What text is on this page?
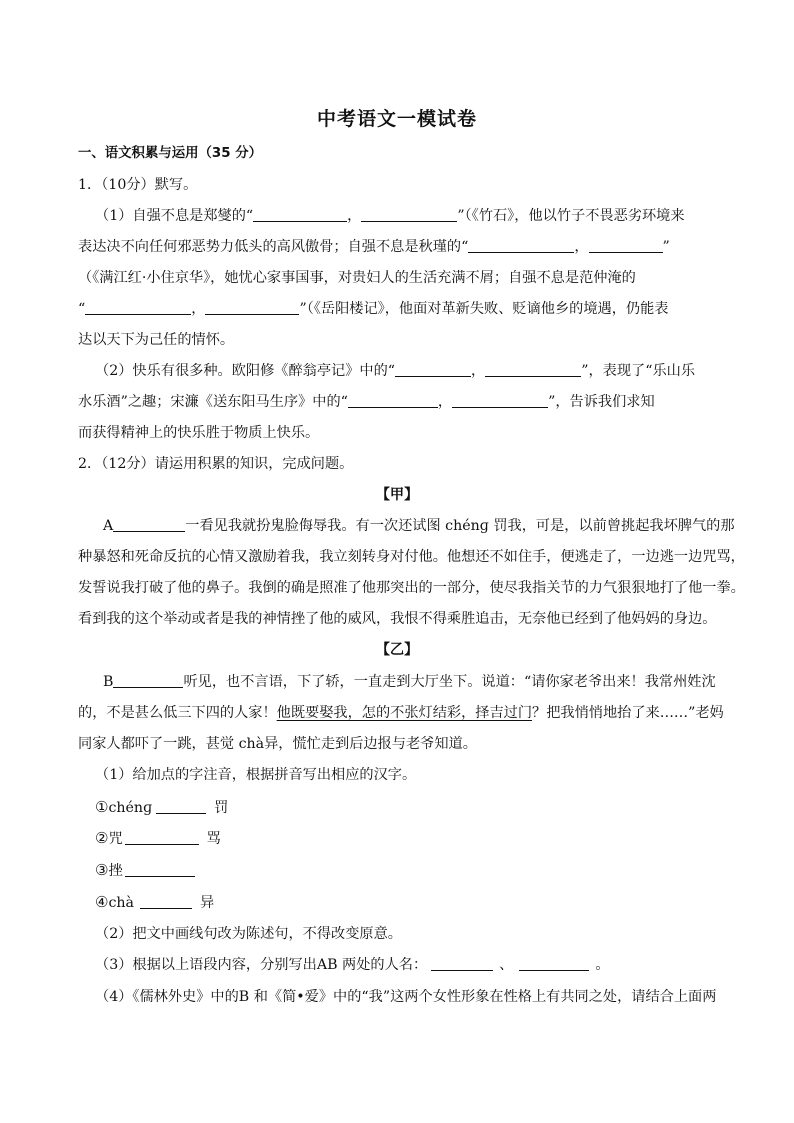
中考语文一模试卷
一、语文积累与运用（35 分）
1．（10分）默写。
（1）自强不息是郑燮的“	，	”（《竹石》，他以竹子不畏恶劣环境来
表达决不向任何邪恶势力低头的高风傲骨；自强不息是秋瑾的“	，	”
（《满江红·小住京华》，她忧心家事国事，对贵妇人的生活充满不屑；自强不息是范仲淹的
“	，	”（《岳阳楼记》，他面对革新失败、贬谪他乡的境遇，仍能表
达以天下为己任的情怀。
（2）快乐有很多种。欧阳修《醉翁亭记》中的“	，	”，表现了“乐山乐
水乐酒”之趣；宋濂《送东阳马生序》中的“	，	”，告诉我们求知
而获得精神上的快乐胜于物质上快乐。
2．（12分）请运用积累的知识，完成问题。
【甲】
A	一看见我就扮鬼脸侮辱我。有一次还试图 chénɡ 罚我，可是，以前曾挑起我坏脾气的那
种暴怒和死命反抗的心情又激励着我，我立刻转身对付他。他想还不如住手，便逃走了，一边逃一边咒骂，
发誓说我打破了他的鼻子。我倒的确是照准了他那突出的一部分，使尽我指关节的力气狠狠地打了他一拳。
看到我的这个举动或者是我的神情挫了他的威风，我恨不得乘胜追击，无奈他已经到了他妈妈的身边。
【乙】
B	听见，也不言语，下了轿，一直走到大厅坐下。说道：“请你家老爷出来！我常州姓沈
的，不是甚么低三下四的人家！他既要娶我，怎的不张灯结彩，择吉过门？把我悄悄地抬了来……”老妈
同家人都吓了一跳，甚觉 chà异，慌忙走到后边报与老爷知道。
（1）给加点的字注音，根据拼音写出相应的汉字。
①chénɡ	罚
②咒	骂
③挫
④chà	异
（2）把文中画线句改为陈述句，不得改变原意。
（3）根据以上语段内容，分别写出AB 两处的人名：	、	。
（4）《儒林外史》中的B 和《简•爱》中的“我”这两个女性形象在性格上有共同之处，请结合上面两
